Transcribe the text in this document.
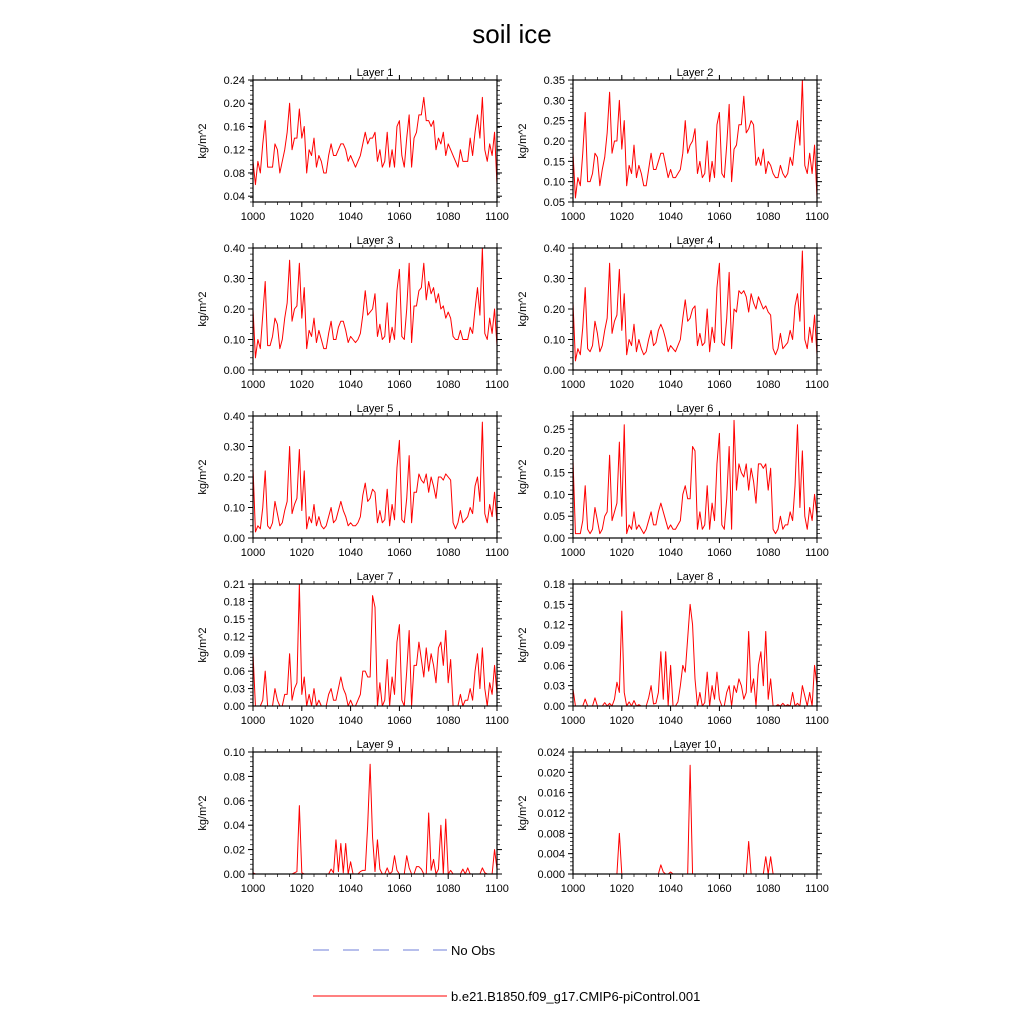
soil ice
Layer 1
kg/m^2
0.04
0.08
0.12
0.16
0.20
0.24
1000 1020 1040 1060 1080 1100
Layer 2
kg/m^2
0.05
0.10
0.15
0.20
0.25
0.30
0.35
1000 1020 1040 1060 1080 1100
Layer 3
kg/m^2
0.00
0.10
0.20
0.30
0.40
1000 1020 1040 1060 1080 1100
Layer 4
kg/m^2
0.00
0.10
0.20
0.30
0.40
1000 1020 1040 1060 1080 1100
Layer 5
kg/m^2
0.00
0.10
0.20
0.30
0.40
1000 1020 1040 1060 1080 1100
Layer 6
kg/m^2
0.00
0.05
0.10
0.15
0.20
0.25
1000 1020 1040 1060 1080 1100
Layer 7
kg/m^2
0.00
0.03
0.06
0.09
0.12
0.15
0.18
0.21
1000 1020 1040 1060 1080 1100
Layer 8
kg/m^2
0.00
0.03
0.06
0.09
0.12
0.15
0.18
1000 1020 1040 1060 1080 1100
Layer 9
kg/m^2
0.00
0.02
0.04
0.06
0.08
0.10
1000 1020 1040 1060 1080 1100
Layer 10
kg/m^2
0.000
0.004
0.008
0.012
0.016
0.020
0.024
1000 1020 1040 1060 1080 1100
No Obs
b.e21.B1850.f09_g17.CMIP6-piControl.001
